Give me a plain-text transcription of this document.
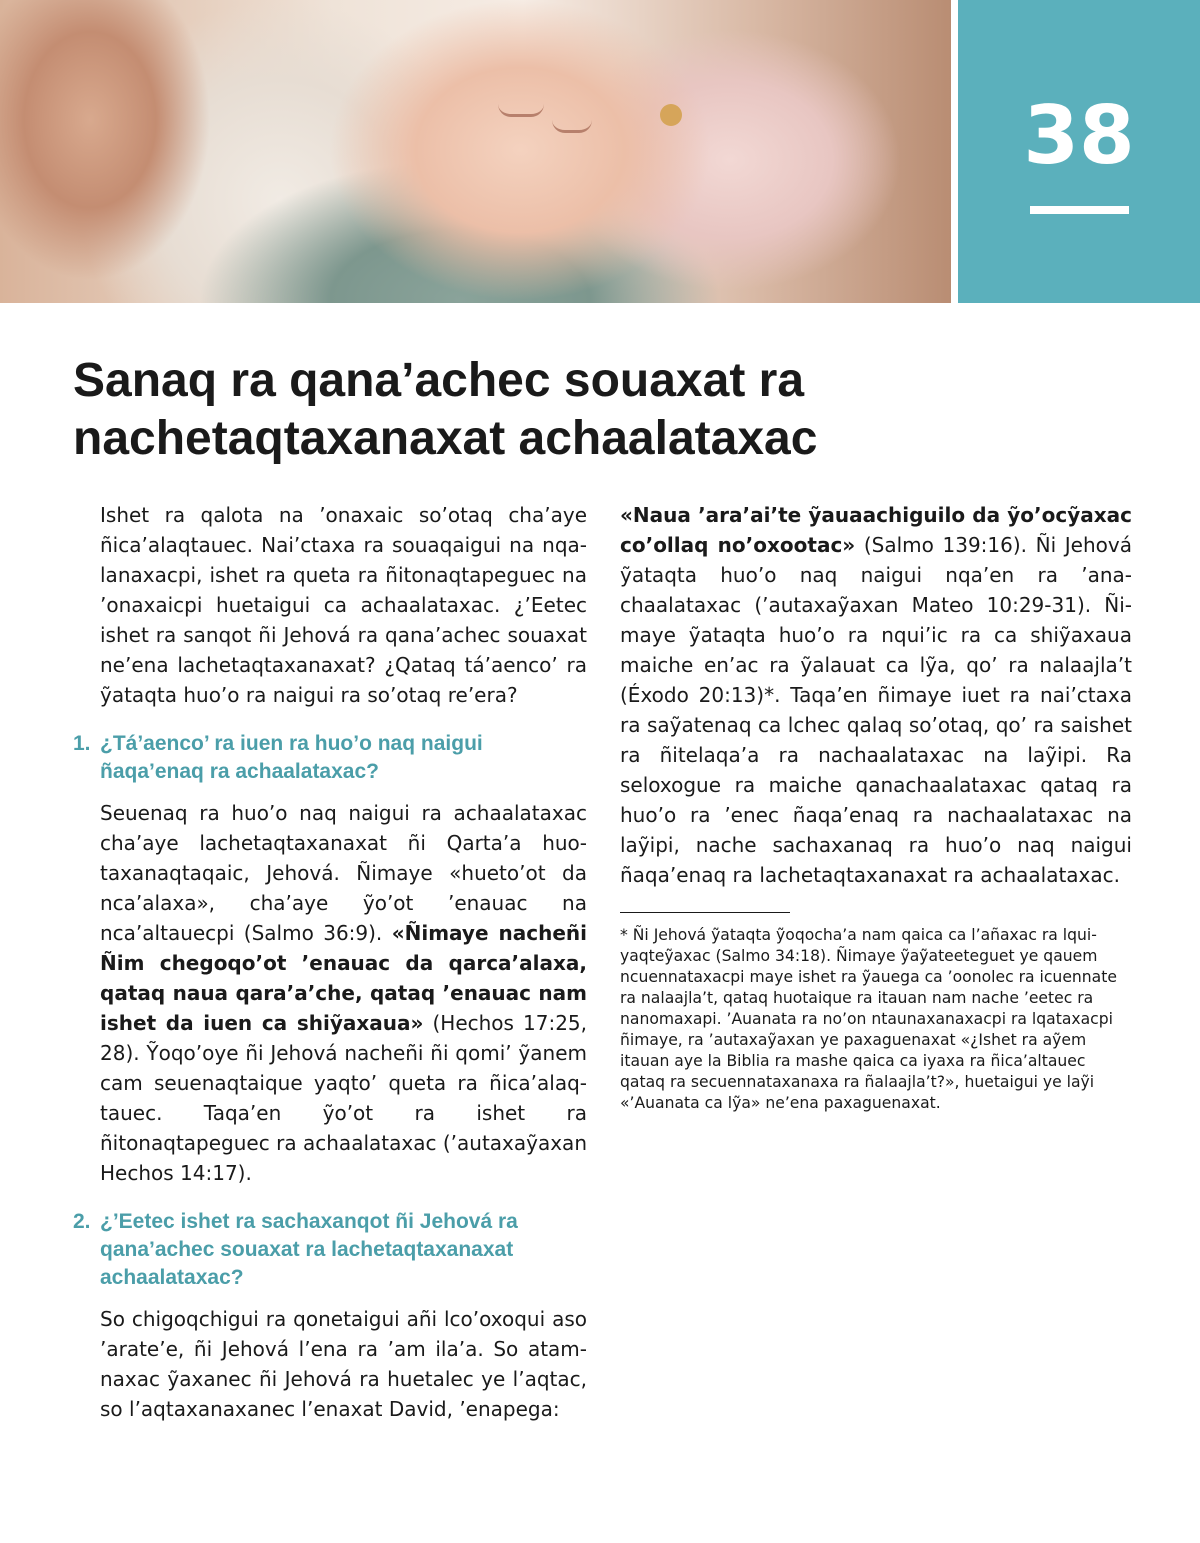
38
Sanaq ra qana’achec souaxat ra nachetaqtaxanaxat achaalataxac

Ishet ra qalota na ’onaxaic so’otaq cha’aye ñica’alaqtauec. Nai’ctaxa ra souaqaigui na nqalanaxacpi, ishet ra queta ra ñitonaqtapeguec na ’onaxaicpi huetaigui ca achaalataxac. ¿’Eetec ishet ra sanqot ñi Jehová ra qana’achec souaxat ne’ena lachetaqtaxanaxat? ¿Qataq tá’aenco’ ra ỹataqta huo’o ra naigui ra so’otaq re’era?

1. ¿Tá’aenco’ ra iuen ra huo’o naq naigui ñaqa’enaq ra achaalataxac?

Seuenaq ra huo’o naq naigui ra achaalataxac cha’aye lachetaqtaxanaxat ñi Qarta’a huotaxanaqtaqaic, Jehová. Ñimaye «hueto’ot da nca’alaxa», cha’aye ỹo’ot ’enauac na nca’altauecpi (Salmo 36:9). «Ñimaye nacheñi Ñim chegoqo’ot ’enauac da qarca’alaxa, qataq naua qara’a’che, qataq ’enauac nam ishet da iuen ca shiỹaxaua» (Hechos 17:25, 28). Ỹoqo’oye ñi Jehová nacheñi ñi qomi’ ỹanem cam seuenaqtaique yaqto’ queta ra ñica’alaqtauec. Taqa’en ỹo’ot ra ishet ra ñitonaqtapeguec ra achaalataxac (’autaxaỹaxan Hechos 14:17).

2. ¿’Eetec ishet ra sachaxanqot ñi Jehová ra qana’achec souaxat ra lachetaqtaxanaxat achaalataxac?

So chigoqchigui ra qonetaigui añi lco’oxoqui aso ’arate’e, ñi Jehová l’ena ra ’am ila’a. So atamnaxac ỹaxanec ñi Jehová ra huetalec ye l’aqtac, so l’aqtaxanaxanec l’enaxat David, ’enapega:

«Naua ’ara’ai’te ỹauaachiguilo da ỹo’ocỹaxac co’ollaq no’oxootac» (Salmo 139:16). Ñi Jehová ỹataqta huo’o naq naigui nqa’en ra ’anachaalataxac (’autaxaỹaxan Mateo 10:29-31). Ñimaye ỹataqta huo’o ra nqui’ic ra ca shiỹaxaua maiche en’ac ra ỹalauat ca lỹa, qo’ ra nalaajla’t (Éxodo 20:13)*. Taqa’en ñimaye iuet ra nai’ctaxa ra saỹatenaq ca lchec qalaq so’otaq, qo’ ra saishet ra ñitelaqa’a ra nachaalataxac na laỹipi. Ra seloxogue ra maiche qanachaalataxac qataq ra huo’o ra ’enec ñaqa’enaq ra nachaalataxac na laỹipi, nache sachaxanaq ra huo’o naq naigui ñaqa’enaq ra lachetaqtaxanaxat ra achaalataxac.

* Ñi Jehová ỹataqta ỹoqocha’a nam qaica ca l’añaxac ra lquiyaqteỹaxac (Salmo 34:18). Ñimaye ỹaỹateeteguet ye qauem ncuennataxacpi maye ishet ra ỹauega ca ’oonolec ra icuennate ra nalaajla’t, qataq huotaique ra itauan nam nache ’eetec ra nanomaxapi. ’Auanata ra no’on ntaunaxanaxacpi ra lqataxacpi ñimaye, ra ’autaxaỹaxan ye paxaguenaxat «¿Ishet ra aỹem itauan aye la Biblia ra mashe qaica ca iyaxa ra ñica’altauec qataq ra secuennataxanaxa ra ñalaajla’t?», huetaigui ye laỹi «’Auanata ca lỹa» ne’ena paxaguenaxat.
